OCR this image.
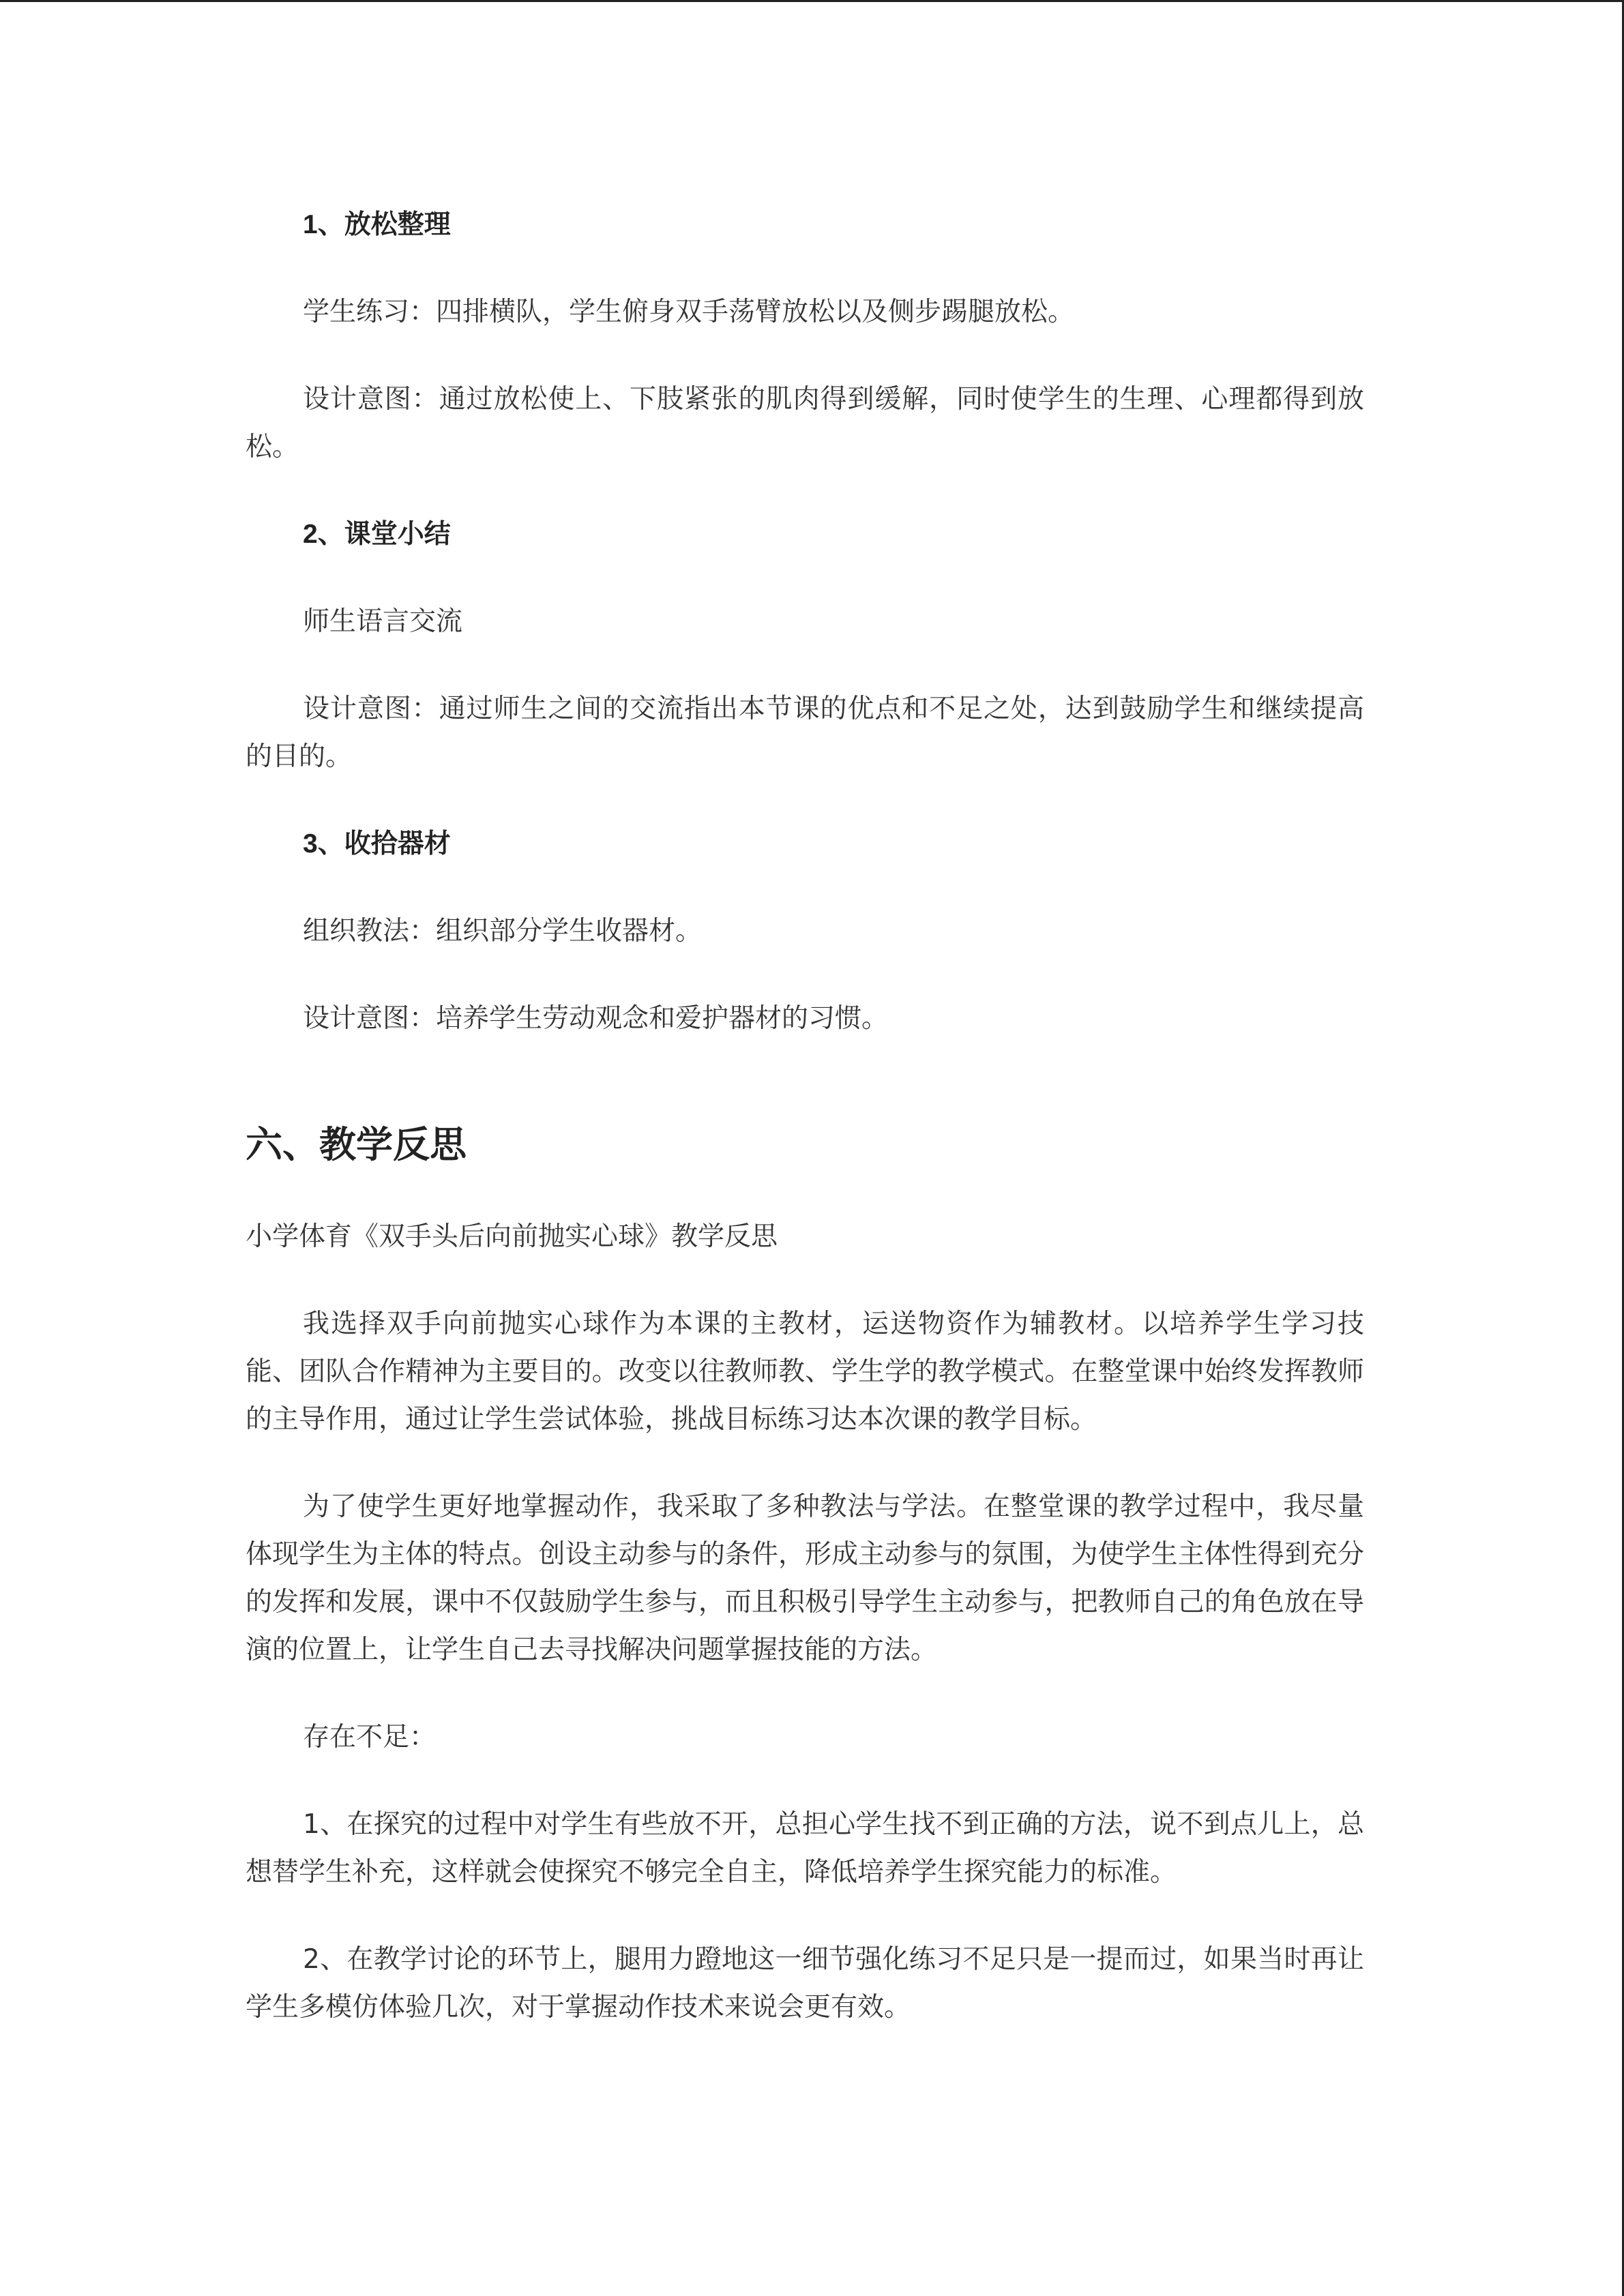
1、放松整理

学生练习：四排横队，学生俯身双手荡臂放松以及侧步踢腿放松。

设计意图：通过放松使上、下肢紧张的肌肉得到缓解，同时使学生的生理、心理都得到放松。

2、课堂小结

师生语言交流

设计意图：通过师生之间的交流指出本节课的优点和不足之处，达到鼓励学生和继续提高的目的。

3、收拾器材

组织教法：组织部分学生收器材。

设计意图：培养学生劳动观念和爱护器材的习惯。

六、教学反思

小学体育《双手头后向前抛实心球》教学反思

我选择双手向前抛实心球作为本课的主教材，运送物资作为辅教材。以培养学生学习技能、团队合作精神为主要目的。改变以往教师教、学生学的教学模式。在整堂课中始终发挥教师的主导作用，通过让学生尝试体验，挑战目标练习达本次课的教学目标。

为了使学生更好地掌握动作，我采取了多种教法与学法。在整堂课的教学过程中，我尽量体现学生为主体的特点。创设主动参与的条件，形成主动参与的氛围，为使学生主体性得到充分的发挥和发展，课中不仅鼓励学生参与，而且积极引导学生主动参与，把教师自己的角色放在导演的位置上，让学生自己去寻找解决问题掌握技能的方法。

存在不足：

1、在探究的过程中对学生有些放不开，总担心学生找不到正确的方法，说不到点儿上，总想替学生补充，这样就会使探究不够完全自主，降低培养学生探究能力的标准。

2、在教学讨论的环节上，腿用力蹬地这一细节强化练习不足只是一提而过，如果当时再让学生多模仿体验几次，对于掌握动作技术来说会更有效。
